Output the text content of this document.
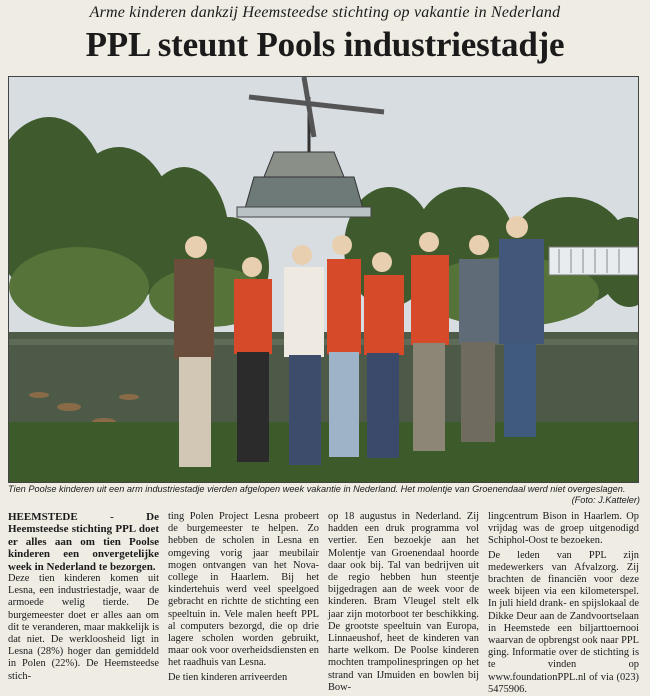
Arme kinderen dankzij Heemsteedse stichting op vakantie in Nederland
PPL steunt Pools industriestadje
Tien Poolse kinderen uit een arm industriestadje vierden afgelopen week vakantie in Nederland. Het molentje van Groenendaal werd niet overgeslagen.
(Foto: J.Katteler)

HEEMSTEDE - De Heemsteedse stichting PPL doet er alles aan om tien Poolse kinderen een onvergetelijke week in Nederland te bezorgen.

Deze tien kinderen komen uit Lesna, een industriestadje, waar de armoede welig tierde. De burgemeester doet er alles aan om dit te veranderen, maar makkelijk is dat niet. De werkloosheid ligt in Lesna (28%) hoger dan gemiddeld in Polen (22%). De Heemsteedse stich-

ting Polen Project Lesna probeert de burgemeester te helpen. Zo hebben de scholen in Lesna en omgeving vorig jaar meubilair mogen ontvangen van het Nova-college in Haarlem. Bij het kindertehuis werd veel speelgoed gebracht en richtte de stichting een speeltuin in. Vele malen heeft PPL al computers bezorgd, die op drie lagere scholen worden gebruikt, maar ook voor overheidsdiensten en het raadhuis van Lesna.

De tien kinderen arriveerden

op 18 augustus in Nederland. Zij hadden een druk programma vol vertier. Een bezoekje aan het Molentje van Groenendaal hoorde daar ook bij. Tal van bedrijven uit de regio hebben hun steentje bijgedragen aan de week voor de kinderen. Bram Vleugel stelt elk jaar zijn motorboot ter beschikking. De grootste speeltuin van Europa, Linnaeushof, heet de kinderen van harte welkom. De Poolse kinderen mochten trampolinespringen op het strand van IJmuiden en bowlen bij Bow-

lingcentrum Bison in Haarlem. Op vrijdag was de groep uitgenodigd Schiphol-Oost te bezoeken.

De leden van PPL zijn medewerkers van Afvalzorg. Zij brachten de financiën voor deze week bijeen via een kilometerspel. In juli hield drank- en spijslokaal de Dikke Deur aan de Zandvoortselaan in Heemstede een biljarttoernooi waarvan de opbrengst ook naar PPL ging. Informatie over de stichting is te vinden op www.foundationPPL.nl of via (023) 5475906.
